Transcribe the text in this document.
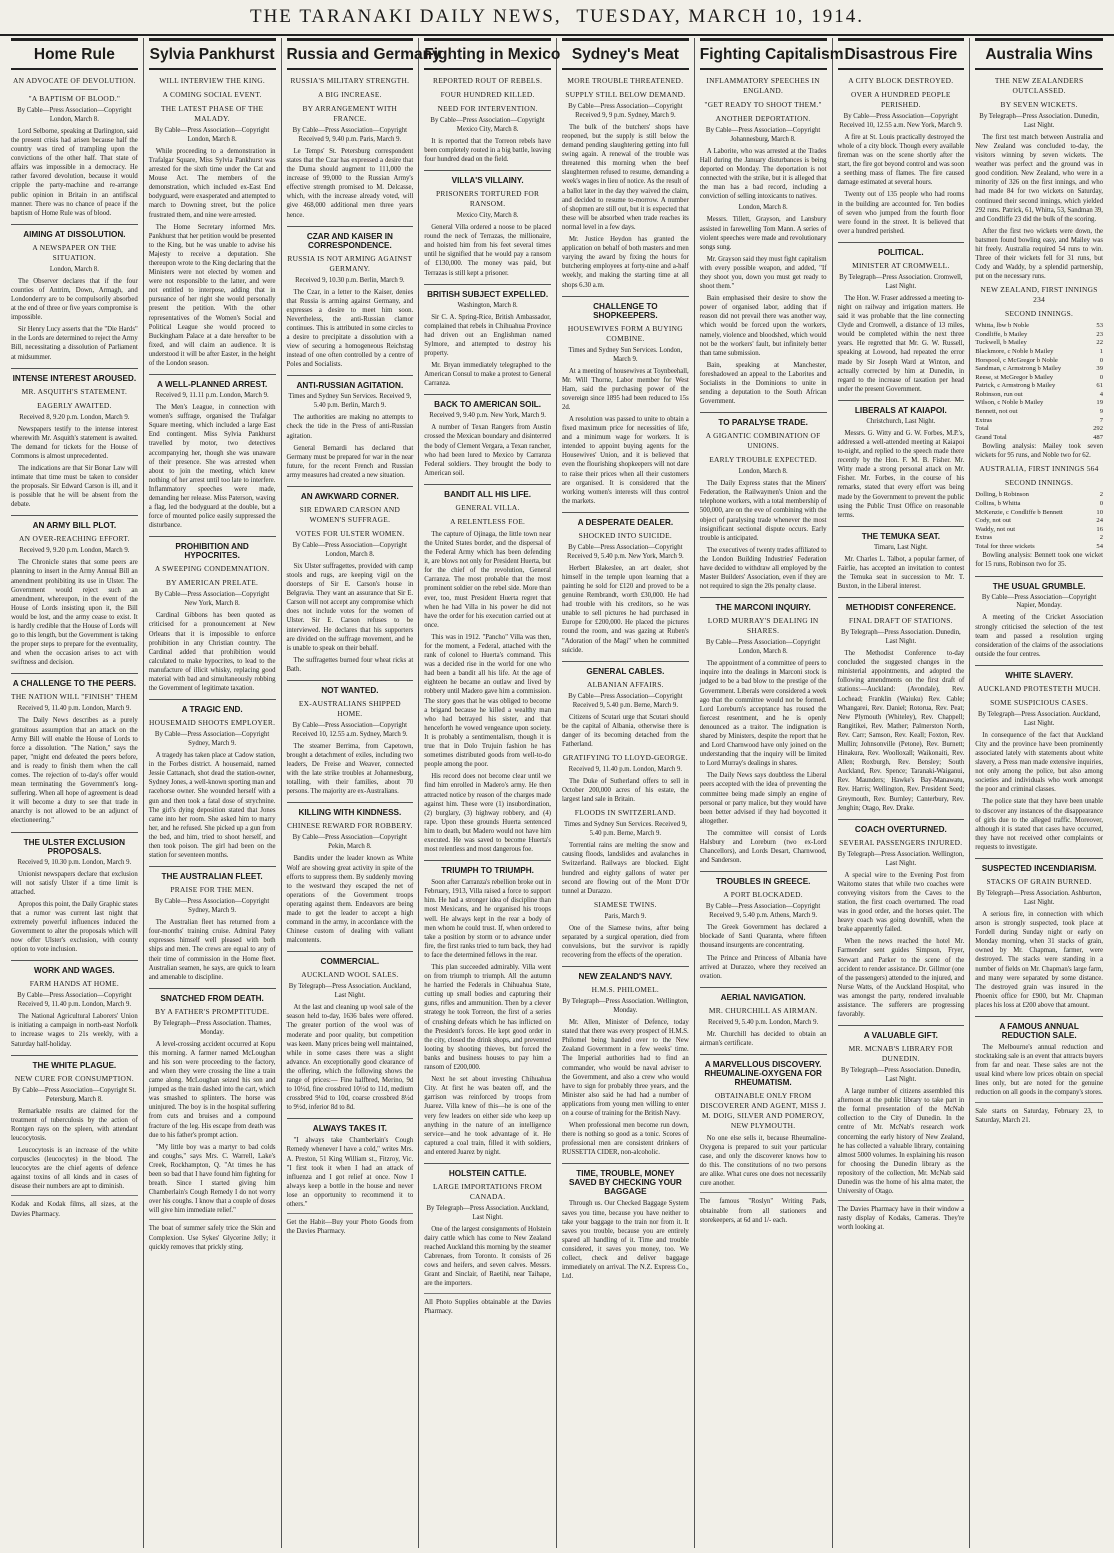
THE TARANAKI DAILY NEWS, TUESDAY, MARCH 10, 1914.
Home Rule
AN ADVOCATE OF DEVOLUTION.
"A BAPTISM OF BLOOD."

By Cable—Press Association—Copyright London, March 8.

Lord Selborne, speaking at Darlington, said the present crisis had arisen because half the country was tired of trampling upon the convictions of the other half. That state of affairs was impossible in a democracy. He rather favored devolution, because it would cripple the party-machine and re-arrange public opinion in Britain in an antifiscal manner. There was no chance of peace if the baptism of Home Rule was of blood.

AIMING AT DISSOLUTION.
A NEWSPAPER ON THE SITUATION.

London, March 8.

The Observer declares that if the four counties of Antrim, Down, Armagh, and Londonderry are to be compulsorily absorbed at the end of three or five years compromise is impossible.

Sir Henry Lucy asserts that the "Die Hards" in the Lords are determined to reject the Army Bill, necessitating a dissolution of Parliament at midsummer.

INTENSE INTEREST AROUSED.
MR. ASQUITH'S STATEMENT.
EAGERLY AWAITED.

Received 8, 9.20 p.m. London, March 9.

Newspapers testify to the intense interest wherewith Mr. Asquith's statement is awaited. The demand for tickets for the House of Commons is almost unprecedented.

The indications are that Sir Bonar Law will intimate that time must be taken to consider the proposals. Sir Edward Carson is ill, and it is possible that he will be absent from the debate.

AN ARMY BILL PLOT.
AN OVER-REACHING EFFORT.

Received 9, 9.20 p.m. London, March 9.

The Chronicle states that some peers are planning to insert in the Army Annual Bill an amendment prohibiting its use in Ulster. The Government would reject such an amendment, whereupon, in the event of the House of Lords insisting upon it, the Bill would be lost, and the army cease to exist. It is hardly credible that the House of Lords will go to this length, but the Government is taking the proper steps to prepare for the eventuality, and when the occasion arises to act with swiftness and decision.

A CHALLENGE TO THE PEERS.
THE NATION WILL "FINISH" THEM

Received 9, 11.40 p.m. London, March 9.

The Daily News describes as a purely gratuitous assumption that an attack on the Army Bill will enable the House of Lords to force a dissolution. "The Nation," says the paper, "might end defeated the peers before, and is ready to finish them when the call comes. The rejection of to-day's offer would mean terminating the Government's long-suffering. When all hope of agreement is dead it will become a duty to see that trade in anarchy is not allowed to be an adjunct of electioneering."

THE ULSTER EXCLUSION PROPOSALS.

Received 9, 10.30 p.m. London, March 9.

Unionist newspapers declare that exclusion will not satisfy Ulster if a time limit is attached.

Apropos this point, the Daily Graphic states that a rumor was current last night that extremely powerful influences induced the Government to alter the proposals which will now offer Ulster's exclusion, with county option to vote inclusion.

WORK AND WAGES.
FARM HANDS AT HOME.

By Cable—Press Association—Copyright Received 9, 11.40 p.m. London, March 9.

The National Agricultural Laborers' Union is initiating a campaign in north-east Norfolk to increase wages to 21s weekly, with a Saturday half-holiday.

THE WHITE PLAGUE.
NEW CURE FOR CONSUMPTION.

By Cable—Press Association—Copyright St. Petersburg, March 8.

Remarkable results are claimed for the treatment of tuberculosis by the action of Rontgen rays on the spleen, with attendant leucocytosis.

Leucocytosis is an increase of the white corpuscles (leucocytes) in the blood. The leucocytes are the chief agents of defence against toxins of all kinds and in cases of disease their numbers are apt to diminish.

Kodak and Kodak films, all sizes, at the Davies Pharmacy.
Sylvia Pankhurst
WILL INTERVIEW THE KING.
A COMING SOCIAL EVENT.
THE LATEST PHASE OF THE MALADY.

By Cable—Press Association—Copyright London, March 8.

While proceeding to a demonstration in Trafalgar Square, Miss Sylvia Pankhurst was arrested for the sixth time under the Cat and Mouse Act. The members of the demonstration, which included ex-East End bodyguard, were exasperated and attempted to march to Downing street, but the police frustrated them, and nine were arrested.

The Home Secretary informed Mrs. Pankhurst that her petition would be presented to the King, but he was unable to advise his Majesty to receive a deputation. She thereupon wrote to the King declaring that the Ministers were not elected by women and were not responsible to the latter, and were not entitled to interpose, adding that in pursuance of her right she would personally present the petition. With the other representatives of the Women's Social and Political League she would proceed to Buckingham Palace at a date hereafter to be fixed, and will claim an audience. It is understood it will be after Easter, in the height of the London season.

A WELL-PLANNED ARREST.

Received 9, 11.11 p.m. London, March 9.

The Men's League, in connection with women's suffrage, organised the Trafalgar Square meeting, which included a large East End contingent. Miss Sylvia Pankhurst travelled by motor, two detectives accompanying her, though she was unaware of their presence. She was arrested when about to join the meeting, which knew nothing of her arrest until too late to interfere. Inflammatory speeches were made, demanding her release. Miss Paterson, waving a flag, led the bodyguard at the double, but a force of mounted police easily suppressed the disturbance.

PROHIBITION AND HYPOCRITES.
A SWEEPING CONDEMNATION.
BY AMERICAN PRELATE.

By Cable—Press Association—Copyright New York, March 8.

Cardinal Gibbons has been quoted as criticised for a pronouncement at New Orleans that it is impossible to enforce prohibition in any Christian country. The Cardinal added that prohibition would calculated to make hypocrites, to lead to the manufacture of illicit whisky, replacing good material with bad and simultaneously robbing the Government of legitimate taxation.

A TRAGIC END.
HOUSEMAID SHOOTS EMPLOYER.

By Cable—Press Association—Copyright Sydney, March 9.

A tragedy has taken place at Cadow station, in the Forbes district. A housemaid, named Jessie Cattanach, shot dead the station-owner, Sydney Jones, a well-known sporting man and racehorse owner. She wounded herself with a gun and then took a fatal dose of strychnine. The girl's dying deposition stated that Jones came into her room. She asked him to marry her, and he refused. She picked up a gun from the bed, and him, tried to shoot herself, and then took poison. The girl had been on the station for seventeen months.

THE AUSTRALIAN FLEET.
PRAISE FOR THE MEN.

By Cable—Press Association—Copyright Sydney, March 9.

The Australian fleet has returned from a four-months' training cruise. Admiral Patey expresses himself well pleased with both ships and men. The crews are equal to any of their time of commission in the Home fleet. Australian seamen, he says, are quick to learn and amenable to discipline.

SNATCHED FROM DEATH.
BY A FATHER'S PROMPTITUDE.

By Telegraph—Press Association. Thames, Monday.

A level-crossing accident occurred at Kopu this morning. A farmer named McLoughan and his son were proceeding to the factory, and when they were crossing the line a train came along. McLoughan seized his son and jumped as the train dashed into the cart, which was smashed to splinters. The horse was uninjured. The boy is in the hospital suffering from cuts and bruises and a compound fracture of the leg. His escape from death was due to his father's prompt action.

"My little boy was a martyr to bad colds and coughs," says Mrs. C. Warrell, Lake's Creek, Rockhampton, Q. "At times he has been so bad that I have found him fighting for breath. Since I started giving him Chamberlain's Cough Remedy I do not worry over his coughs. I know that a couple of doses will give him immediate relief."

The boat of summer safely trice the Skin and Complexion. Use Sykes' Glycerine Jelly; it quickly removes that prickly sting.
Russia and Germany
RUSSIA'S MILITARY STRENGTH.
A BIG INCREASE.
BY ARRANGEMENT WITH FRANCE.

By Cable—Press Association—Copyright Received 9, 9.40 p.m. Paris, March 9.

Le Temps' St. Petersburg correspondent states that the Czar has expressed a desire that the Duma should augment to 111,000 the increase of 99,000 to the Russian Army's effective strength promised to M. Delcasse, which, with the increase already voted, will give 468,000 additional men three years hence.

CZAR AND KAISER IN CORRESPONDENCE.
RUSSIA IS NOT ARMING AGAINST GERMANY.

Received 9, 10.30 p.m. Berlin, March 9.

The Czar, in a letter to the Kaiser, denies that Russia is arming against Germany, and expresses a desire to meet him soon. Nevertheless, the anti-Russian clamor continues. This is attributed in some circles to a desire to precipitate a dissolution with a view of securing a homogeneous Reichstag instead of one often controlled by a centre of Poles and Socialists.

ANTI-RUSSIAN AGITATION.

Times and Sydney Sun Services. Received 9, 5.40 p.m. Berlin, March 9.

The authorities are making no attempts to check the tide in the Press of anti-Russian agitation.

General Bernardi has declared that Germany must be prepared for war in the near future, for the recent French and Russian army measures had created a new situation.

AN AWKWARD CORNER.
SIR EDWARD CARSON AND WOMEN'S SUFFRAGE.
VOTES FOR ULSTER WOMEN.

By Cable—Press Association—Copyright London, March 8.

Six Ulster suffragettes, provided with camp stools and rugs, are keeping vigil on the doorsteps of Sir E. Carson's house in Belgravia. They want an assurance that Sir E. Carson will not accept any compromise which does not include votes for the women of Ulster. Sir E. Carson refuses to be interviewed. He declares that his supporters are divided on the suffrage movement, and he is unable to speak on their behalf.

The suffragettes burned four wheat ricks at Bath.

NOT WANTED.
EX-AUSTRALIANS SHIPPED HOME.

By Cable—Press Association—Copyright Received 10, 12.55 a.m. Sydney, March 9.

The steamer Berrima, from Capetown, brought a detachment of exiles, including two leaders, De Freise and Weaver, connected with the late strike troubles at Johannesburg, totalling, with their families, about 70 persons. The majority are ex-Australians.

KILLING WITH KINDNESS.
CHINESE REWARD FOR ROBBERY.

By Cable—Press Association—Copyright Pekin, March 8.

Bandits under the leader known as White Wolf are showing great activity in spite of the efforts to suppress them. By suddenly moving to the westward they escaped the net of operations of the Government troops operating against them. Endeavors are being made to get the leader to accept a high command in the army, in accordance with the Chinese custom of dealing with valiant malcontents.

COMMERCIAL.
AUCKLAND WOOL SALES.

By Telegraph—Press Association. Auckland, Last Night.

At the last and cleaning up wool sale of the season held to-day, 1636 bales were offered. The greater portion of the wool was of moderate and poor quality, but competition was keen. Many prices being well maintained, while in some cases there was a slight advance. An exceptionally good clearance of the offering, which the following shows the range of prices:— Fine halfbred, Merino, 9d to 10½d, fine crossbred 10½d to 11d, medium crossbred 9¼d to 10d, coarse crossbred 8½d to 9½d, inferior 8d to 8d.

ALWAYS TAKES IT.

"I always take Chamberlain's Cough Remedy whenever I have a cold," writes Mrs. A. Preston, 51 King William st., Fitzroy, Vic. "I first took it when I had an attack of influenza and I got relief at once. Now I always keep a bottle in the house and never lose an opportunity to recommend it to others."

Get the Habit—Buy your Photo Goods from the Davies Pharmacy.
Fighting in Mexico
REPORTED ROUT OF REBELS.
FOUR HUNDRED KILLED.
NEED FOR INTERVENTION.

By Cable—Press Association—Copyright Mexico City, March 8.

It is reported that the Torreon rebels have been completely routed in a big battle, leaving four hundred dead on the field.

VILLA'S VILLAINY.
PRISONERS TORTURED FOR RANSOM.

Mexico City, March 8.

General Villa ordered a noose to be placed round the neck of Terrazas, the millionaire, and hoisted him from his feet several times until he signified that he would pay a ransom of £130,000. The money was paid, but Terrazas is still kept a prisoner.

BRITISH SUBJECT EXPELLED.

Washington, March 8.

Sir C. A. Spring-Rice, British Ambassador, complained that rebels in Chihuahua Province had driven out an Englishman named Sylmore, and attempted to destroy his property.

Mr. Bryan immediately telegraphed to the American Consul to make a protest to General Carranza.

BACK TO AMERICAN SOIL.

Received 9, 9.40 p.m. New York, March 9.

A number of Texan Rangers from Austin crossed the Mexican boundary and disinterred the body of Clement Vergara, a Texan rancher, who had been lured to Mexico by Carranza Federal soldiers. They brought the body to American soil.

BANDIT ALL HIS LIFE.
GENERAL VILLA.
A RELENTLESS FOE.

The capture of Ojinaga, the little town near the United States border, and the dispersal of the Federal Army which has been defending it, are blows not only for President Huerta, but for the chief of the revolution, General Carranza. The most probable that the most prominent soldier on the rebel side. More than ever, too, must President Huerta regret that when he had Villa in his power he did not have the order for his execution carried out at once.

This was in 1912. "Pancho" Villa was then, for the moment, a Federal, attached with the rank of colonel to Huerta's command. This was a decided rise in the world for one who had been a bandit all his life. At the age of eighteen he became an outlaw and lived by robbery until Madero gave him a commission. The story goes that he was obliged to become a brigand because he killed a wealthy man who had betrayed his sister, and that henceforth he vowed vengeance upon society. It is probably a sentimentalism, though it is true that in Dolo Trujuin fashion he has sometimes distributed goods from well-to-do people among the poor.

His record does not become clear until we find him enrolled in Madero's army. He then attracted notice by reason of the charges made against him. These were (1) insubordination, (2) burglary, (3) highway robbery, and (4) rape. Upon these grounds Huerta sentenced him to death, but Madero would not have him executed. He was saved to become Huerta's most relentless and most dangerous foe.

TRIUMPH TO TRIUMPH.

Soon after Carranza's rebellion broke out in February, 1913, Villa raised a force to support him. He had a stronger idea of discipline than most Mexicans, and he organised his troops well. He always kept in the rear a body of men whom he could trust. If, when ordered to take a position by storm or to advance under fire, the first ranks tried to turn back, they had to face the determined fellows in the rear.

This plan succeeded admirably. Villa went on from triumph to triumph. All the autumn he harried the Federals in Chihuahua State, cutting up small bodies and capturing their guns, rifles and ammunition. Then by a clever strategy he took Torreon, the first of a series of crushing defeats which he has inflicted on the President's forces. He kept good order in the city, closed the drink shops, and prevented looting by shooting thieves, but forced the banks and business houses to pay him a ransom of £200,000.

Next he set about investing Chihuahua City. At first he was beaten off, and the garrison was reinforced by troops from Juarez. Villa knew of this—he is one of the very few leaders on either side who keep up anything in the nature of an intelligence service—and he took advantage of it. He captured a coal train, filled it with soldiers, and entered Juarez by night.

HOLSTEIN CATTLE.
LARGE IMPORTATIONS FROM CANADA.

By Telegraph—Press Association. Auckland, Last Night.

One of the largest consignments of Holstein dairy cattle which has come to New Zealand reached Auckland this morning by the steamer Cabrenaes, from Toronto. It consists of 26 cows and heifers, and seven calves. Messrs. Grant and Sinclair, of Raetihi, near Taihape, are the importers.

All Photo Supplies obtainable at the Davies Pharmacy.
Sydney's Meat
MORE TROUBLE THREATENED.
SUPPLY STILL BELOW DEMAND.

By Cable—Press Association—Copyright Received 9, 9 p.m. Sydney, March 9.

The bulk of the butchers' shops have reopened, but the supply is still below the demand pending slaughtering getting into full swing again. A renewal of the trouble was threatened this morning when the beef slaughtermen refused to resume, demanding a week's wages in lieu of notice. As the result of a ballot later in the day they waived the claim, and decided to resume to-morrow. A number of shopmen are still out, but it is expected that these will be absorbed when trade reaches its normal level in a few days.

Mr. Justice Heydon has granted the application on behalf of both masters and men varying the award by fixing the hours for butchering employees at forty-nine and a-half weekly, and making the starting time at all shops 6.30 a.m.

CHALLENGE TO SHOPKEEPERS.
HOUSEWIVES FORM A BUYING COMBINE.

Times and Sydney Sun Services. London, March 9.

At a meeting of housewives at Toynbeehall, Mr. Will Thorne, Labor member for West Ham, said the purchasing power of the sovereign since 1895 had been reduced to 15s 2d.

A resolution was passed to unite to obtain a fixed maximum price for necessities of life, and a minimum wage for workers. It is intended to appoint buying agents for the Housewives' Union, and it is believed that even the flourishing shopkeepers will not dare to raise their prices when all their customers are organised. It is considered that the working women's interests will thus control the markets.

A DESPERATE DEALER.
SHOCKED INTO SUICIDE.

By Cable—Press Association—Copyright Received 9, 5.40 p.m. New York, March 9.

Herbert Blakeslee, an art dealer, shot himself in the temple upon learning that a painting he sold for £120 and proved to be a genuine Rembrandt, worth £30,000. He had had trouble with his creditors, so he was unable to sell pictures he had purchased in Europe for £200,000. He placed the pictures round the room, and was gazing at Ruben's "Adoration of the Magi" when he committed suicide.

GENERAL CABLES.
ALBANIAN AFFAIRS.

By Cable—Press Association—Copyright Received 9, 5.40 p.m. Berne, March 9.

Citizens of Scutari urge that Scutari should be the capital of Albania, otherwise there is danger of its becoming detached from the Fatherland.

GRATIFYING TO LLOYD-GEORGE.

Received 9, 11.40 p.m. London, March 9.

The Duke of Sutherland offers to sell in October 200,000 acres of his estate, the largest land sale in Britain.

FLOODS IN SWITZERLAND.

Times and Sydney Sun Services. Received 9, 5.40 p.m. Berne, March 9.

Torrential rains are melting the snow and causing floods, landslides and avalanches in Switzerland. Railways are blocked. Eight hundred and eighty gallons of water per second are flowing out of the Mont D'Or tunnel at Durazzo.

SIAMESE TWINS.

Paris, March 9.

One of the Siamese twins, after being separated by a surgical operation, died from convulsions, but the survivor is rapidly recovering from the effects of the operation.

NEW ZEALAND'S NAVY.
H.M.S. PHILOMEL.

By Telegraph—Press Association. Wellington, Monday.

Mr. Allen, Minister of Defence, today stated that there was every prospect of H.M.S. Philomel being handed over to the New Zealand Government in a few weeks' time. The Imperial authorities had to find an commander, who would be naval adviser to the Government, and also a crew who would have to sign for probably three years, and the Minister also said he had had a number of applications from young men willing to enter on a course of training for the British Navy.

When professional men become run down, there is nothing so good as a tonic. Scores of professional men are consistent drinkers of RUSSETTA CIDER, non-alcoholic.

TIME, TROUBLE, MONEY SAVED BY CHECKING YOUR BAGGAGE

Through us. Our Checked Baggage System saves you time, because you have neither to take your baggage to the train nor from it. It saves you trouble, because you are entirely spared all handling of it. Time and trouble considered, it saves you money, too. We collect, check and deliver baggage immediately on arrival. The N.Z. Express Co., Ltd.

Fighting Capitalism
INFLAMMATORY SPEECHES IN ENGLAND.
"GET READY TO SHOOT THEM."
ANOTHER DEPORTATION.

By Cable—Press Association—Copyright Johannesburg, March 8.

A Laborite, who was arrested at the Trades Hall during the January disturbances is being deported on Monday. The deportation is not connected with the strike, but it is alleged that the man has a bad record, including a conviction of selling intoxicants to natives.

London, March 8.

Messrs. Tillett, Grayson, and Lansbury assisted in farewelling Tom Mann. A series of violent speeches were made and revolutionary songs sung.

Mr. Grayson said they must fight capitalism with every possible weapon, and added, "If they shoot you, down you must get ready to shoot them."

Bain emphasised their desire to show the power of organised labor, adding that if reason did not prevail there was another way, which would be forced upon the workers, namely, violence and bloodshed, which would not be the workers' fault, but infinitely better than tame submission.

Bain, speaking at Manchester, foreshadowed an appeal to the Laborites and Socialists in the Dominions to unite in sending a deputation to the South African Government.

TO PARALYSE TRADE.
A GIGANTIC COMBINATION OF UNIONS.
EARLY TROUBLE EXPECTED.

London, March 8.

The Daily Express states that the Miners' Federation, the Railwaymen's Union and the telephone workers, with a total membership of 500,000, are on the eve of combining with the object of paralysing trade whenever the most insignificant sectional dispute occurs. Early trouble is anticipated.

The executives of twenty trades affiliated to the London Building Industries' Federation have decided to withdraw all employed by the Master Builders' Association, even if they are not required to sign the 20s penalty clause.

THE MARCONI INQUIRY.
LORD MURRAY'S DEALING IN SHARES.

By Cable—Press Association—Copyright London, March 8.

The appointment of a committee of peers to inquire into the dealings in Marconi stock is judged to be a bad blow to the prestige of the Government. Liberals were considered a week ago that the committee would not be formed. Lord Loreburn's acceptance has roused the fiercest resentment, and he is openly denounced as a traitor. The indignation is shared by Ministers, despite the report that he and Lord Charnwood have only joined on the understanding that the inquiry will be limited to Lord Murray's dealings in shares.

The Daily News says doubtless the Liberal peers accepted with the idea of preventing the committee being made simply an engine of personal or party malice, but they would have been better advised if they had boycotted it altogether.

The committee will consist of Lords Halsbury and Loreburn (two ex-Lord Chancellors), and Lords Desart, Charnwood, and Sanderson.

TROUBLES IN GREECE.
A PORT BLOCKADED.

By Cable—Press Association—Copyright Received 9, 5.40 p.m. Athens, March 9.

The Greek Government has declared a blockade of Santi Quaranta, where fifteen thousand insurgents are concentrating.

The Prince and Princess of Albania have arrived at Durazzo, where they received an ovation.

AERIAL NAVIGATION.
MR. CHURCHILL AS AIRMAN.

Received 9, 5.40 p.m. London, March 9.

Mr. Churchill has decided to obtain an airman's certificate.

A MARVELLOUS DISCOVERY. RHEUMALINE-OXYGENA FOR RHEUMATISM.
OBTAINABLE ONLY FROM DISCOVERER AND AGENT, MISS J. M. DOIG, SILVER AND POMEROY, NEW PLYMOUTH.

No one else sells it, because Rheumaline-Oxygena is prepared to suit your particular case, and only the discoverer knows how to do this. The constitutions of no two persons are alike. What cures one does not necessarily cure another.

The famous "Roslyn" Writing Pads, obtainable from all stationers and storekeepers, at 6d and 1/- each.
Disastrous Fire
A CITY BLOCK DESTROYED.
OVER A HUNDRED PEOPLE PERISHED.

By Cable—Press Association—Copyright Received 10, 12.55 a.m. New York, March 9.

A fire at St. Louis practically destroyed the whole of a city block. Though every available fireman was on the scene shortly after the start, the fire got beyond control and was soon a seething mass of flames. The fire caused damage estimated at several hours.

Twenty out of 135 people who had rooms in the building are accounted for. Ten bodies of seven who jumped from the fourth floor were found in the street. It is believed that over a hundred perished.

POLITICAL.
MINISTER AT CROMWELL.

By Telegraph—Press Association. Cromwell, Last Night.

The Hon. W. Fraser addressed a meeting to-night on railway and irrigation matters. He said it was probable that the line connecting Clyde and Cromwell, a distance of 13 miles, would be completed within the next three years. He regretted that Mr. G. W. Russell, speaking at Lowood, had repeated the error made by Sir Joseph Ward at Winton, and actually corrected by him at Dunedin, in regard to the increase of taxation per head under the present Government.

LIBERALS AT KAIAPOI.

Christchurch, Last Night.

Messrs. G. Witty and G. W. Forbes, M.P.'s, addressed a well-attended meeting at Kaiapoi to-night, and replied to the speech made there recently by the Hon. F. M. B. Fisher. Mr. Witty made a strong personal attack on Mr. Fisher. Mr. Forbes, in the course of his remarks, stated that every effort was being made by the Government to prevent the public using the Public Trust Office on reasonable terms.

THE TEMUKA SEAT.

Timaru, Last Night.

Mr. Charles L. Talbot, a popular farmer, of Fairlie, has accepted an invitation to contest the Temuka seat in succession to Mr. T. Buxton, in the Liberal interest.

METHODIST CONFERENCE.
FINAL DRAFT OF STATIONS.

By Telegraph—Press Association. Dunedin, Last Night.

The Methodist Conference to-day concluded the suggested changes in the ministerial appointments, and adopted the following amendments on the first draft of stations:—Auckland: (Avondale), Rev. Lochead; Franklin (Waiuku) Rev. Cable; Whangarei, Rev. Daniel; Rotorua, Rev. Peat; New Plymouth (Whiteley), Rev. Chappell; Rangitikei, Rev. Mather; Palmerston North, Rev. Carr; Samson, Rev. Keall; Foxton, Rev. Mullin; Johnsonville (Petone), Rev. Burnett; Hinakura, Rev. Woolloxall; Waikonaiti, Rev. Allen; Roxburgh, Rev. Bensley; South Auckland, Rev. Spence; Taranaki-Waiganui, Rev. Maunders; Hawke's Bay-Manawatu, Rev. Harris; Wellington, Rev. President Seed; Greymouth, Rev. Burnley; Canterbury, Rev. Jenghin; Otago, Rev. Drake.

COACH OVERTURNED.
SEVERAL PASSENGERS INJURED.

By Telegraph—Press Association. Wellington, Last Night.

A special wire to the Evening Post from Waitomo states that while two coaches were conveying visitors from the Caves to the station, the first coach overturned. The road was in good order, and the horses quiet. The heavy coach was going downhill, when the brake apparently failed.

When the news reached the hotel Mr. Farmender sent guides Simpson, Fryer, Stewart and Parker to the scene of the accident to render assistance. Dr. Gillmor (one of the passengers) attended to the injured, and Nurse Watts, of the Auckland Hospital, who was amongst the party, rendered invaluable assistance. The sufferers are progressing favorably.

A VALUABLE GIFT.
MR. MCNAB'S LIBRARY FOR DUNEDIN.

By Telegraph—Press Association. Dunedin, Last Night.

A large number of citizens assembled this afternoon at the public library to take part in the formal presentation of the McNab collection to the City of Dunedin. In the centre of Mr. McNab's research work concerning the early history of New Zealand, he has collected a valuable library, containing almost 5000 volumes. In explaining his reason for choosing the Dunedin library as the repository of the collection, Mr. McNab said Dunedin was the home of his alma mater, the University of Otago.

The Davies Pharmacy have in their window a nasty display of Kodaks, Cameras. They're worth looking at.
Australia Wins
THE NEW ZEALANDERS OUTCLASSED.
BY SEVEN WICKETS.

By Telegraph—Press Association. Dunedin, Last Night.

The first test match between Australia and New Zealand was concluded to-day, the visitors winning by seven wickets. The weather was perfect and the ground was in good condition. New Zealand, who were in a minority of 326 on the first innings, and who had made 84 for two wickets on Saturday, continued their second innings, which yielded 292 runs. Patrick, 61, Whitta, 53, Sandman 39, and Condliffe 23 did the bulk of the scoring.

After the first two wickets were down, the batsmen found bowling easy, and Mailey was hit freely. Australia required 54 runs to win. Three of their wickets fell for 31 runs, but Cody and Waddy, by a splendid partnership, put on the necessary runs.

NEW ZEALAND, FIRST INNINGS 234
SECOND INNINGS.
Whitta, lbw b Noble	53
Condliffe, b Mailey	23
Tuckwell, b Mailey	22
Blackmore, c Noble b Mailey	1
Horspool, c McGregor b Noble	0
Sandman, c Armstrong b Mailey	39
Reese, st McGregor b Mailey	0
Patrick, c Armstrong b Mailey	61
Robinson, run out	4
Wilson, c Noble b Mailey	19
Bennett, not out	9
Extras	7
Total	292
Grand Total	487

Bowling analysis: Mailey took seven wickets for 95 runs, and Noble two for 62.

AUSTRALIA, FIRST INNINGS 564
SECOND INNINGS.
Dolling, b Robinson	2
Collins, b Whitta	0
McKenzie, c Condliffe b Bennett	10
Cody, not out	24
Waddy, not out	16
Extras	2
Total for three wickets	54

Bowling analysis: Bennett took one wicket for 15 runs, Robinson two for 35.

THE USUAL GRUMBLE.

By Cable—Press Association—Copyright Napier, Monday.

A meeting of the Cricket Association strongly criticised the selection of the test team and passed a resolution urging consideration of the claims of the associations outside the four centres.

WHITE SLAVERY.
AUCKLAND PROTESTETH MUCH.
SOME SUSPICIOUS CASES.

By Telegraph—Press Association. Auckland, Last Night.

In consequence of the fact that Auckland City and the province have been prominently associated lately with statements about white slavery, a Press man made extensive inquiries, not only among the police, but also among societies and individuals who work amongst the poor and criminal classes.

The police state that they have been unable to discover any instances of the disappearance of girls due to the alleged traffic. Moreover, although it is stated that cases have occurred, they have not received other complaints or requests to investigate.

SUSPECTED INCENDIARISM.
STACKS OF GRAIN BURNED.

By Telegraph—Press Association. Ashburton, Last Night.

A serious fire, in connection with which arson is strongly suspected, took place at Fordell during Sunday night or early on Monday morning, when 31 stacks of grain, owned by Mr. Chapman, farmer, were destroyed. The stacks were standing in a number of fields on Mr. Chapman's large farm, and many were separated by some distance. The destroyed grain was insured in the Phoenix office for £900, but Mr. Chapman places his loss at £200 above that amount.

A FAMOUS ANNUAL REDUCTION SALE.

The Melbourne's annual reduction and stocktaking sale is an event that attracts buyers from far and near. These sales are not the usual kind where low prices obtain on special lines only, but are noted for the genuine reduction on all goods in the company's stores.

Sale starts on Saturday, February 23, to Saturday, March 21.
